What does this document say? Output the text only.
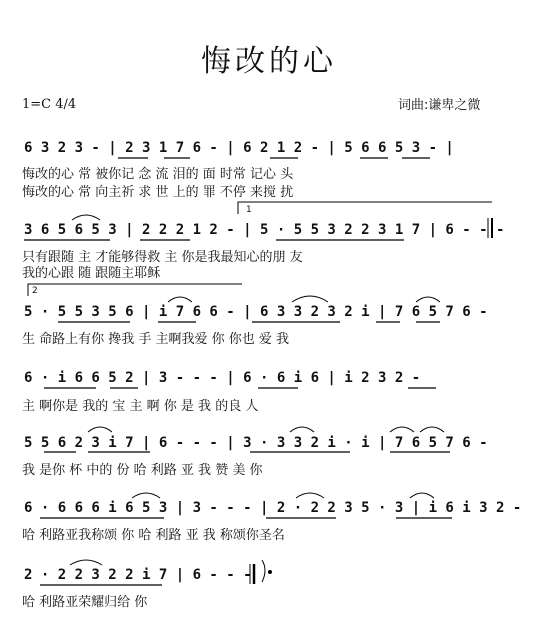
悔改的心
1=C 4/4	词曲:谦卑之微
6 3 2 3 - | 2 3 1 7 6 - | 6 2 1 2 - | 5 6 6 5 3 - |
悔改的心 常 被你记 念 流 泪的 面 时常 记心 头
悔改的心 常 向主祈 求 世 上的 罪 不停 来搅 扰
1
3 6 5 6 5 3 | 2 2 2 1 2 - | 5 · 5 5 3 2 2 3 1 7 | 6 - - -
只有跟随 主 才能够得救 主 你是我最知心的朋 友
我的心跟 随 跟随主耶稣
2
5 · 5 5 3 5 6 | i 7 6 6 - | 6 3 3 2 3 2 i | 7 6 5 7 6 -
生 命路上有你 搀我 手 主啊我爱 你 你也 爱 我
6 · i 6 6 5 2 | 3 - - - | 6 · 6 i 6 | i 2 3 2 -
主 啊你是 我的 宝 主 啊 你 是 我 的良 人
5 5 6 2 3 i 7 | 6 - - - | 3 · 3 3 2 i · i | 7 6 5 7 6 -
我 是你 杯 中的 份 哈 利路 亚 我 赞 美 你
6 · 6 6 6 i 6 5 3 | 3 - - - | 2 · 2 2 3 5 · 3 | i 6 i 3 2 -
哈 利路亚我称颂 你 哈 利路 亚 我 称颂你圣名
2 · 2 2 3 2 2 i 7 | 6 - - -
哈 利路亚荣耀归给 你
